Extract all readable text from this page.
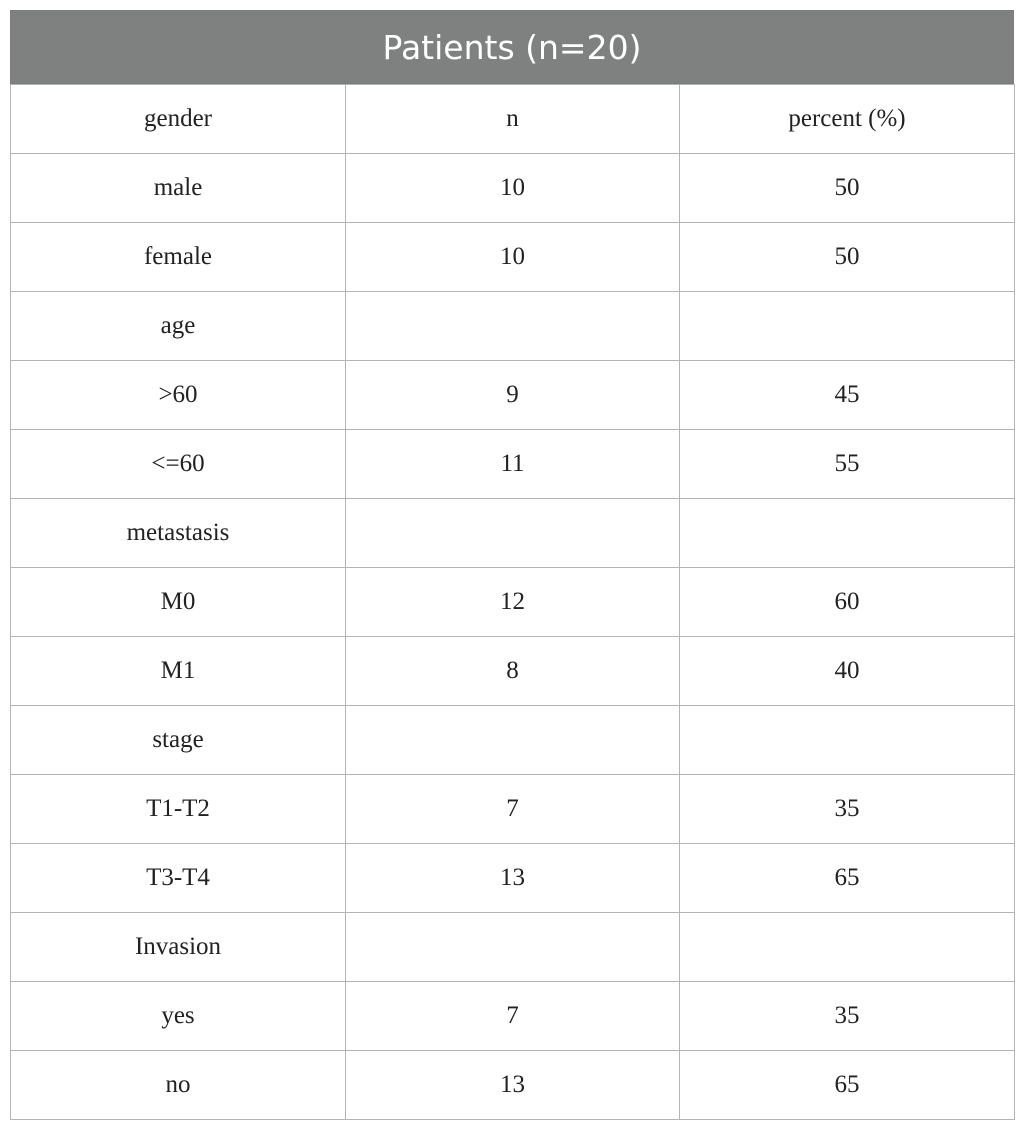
Patients (n=20)
gender	n	percent (%)
male	10	50
female	10	50
age		
>60	9	45
<=60	11	55
metastasis		
M0	12	60
M1	8	40
stage		
T1-T2	7	35
T3-T4	13	65
Invasion		
yes	7	35
no	13	65
